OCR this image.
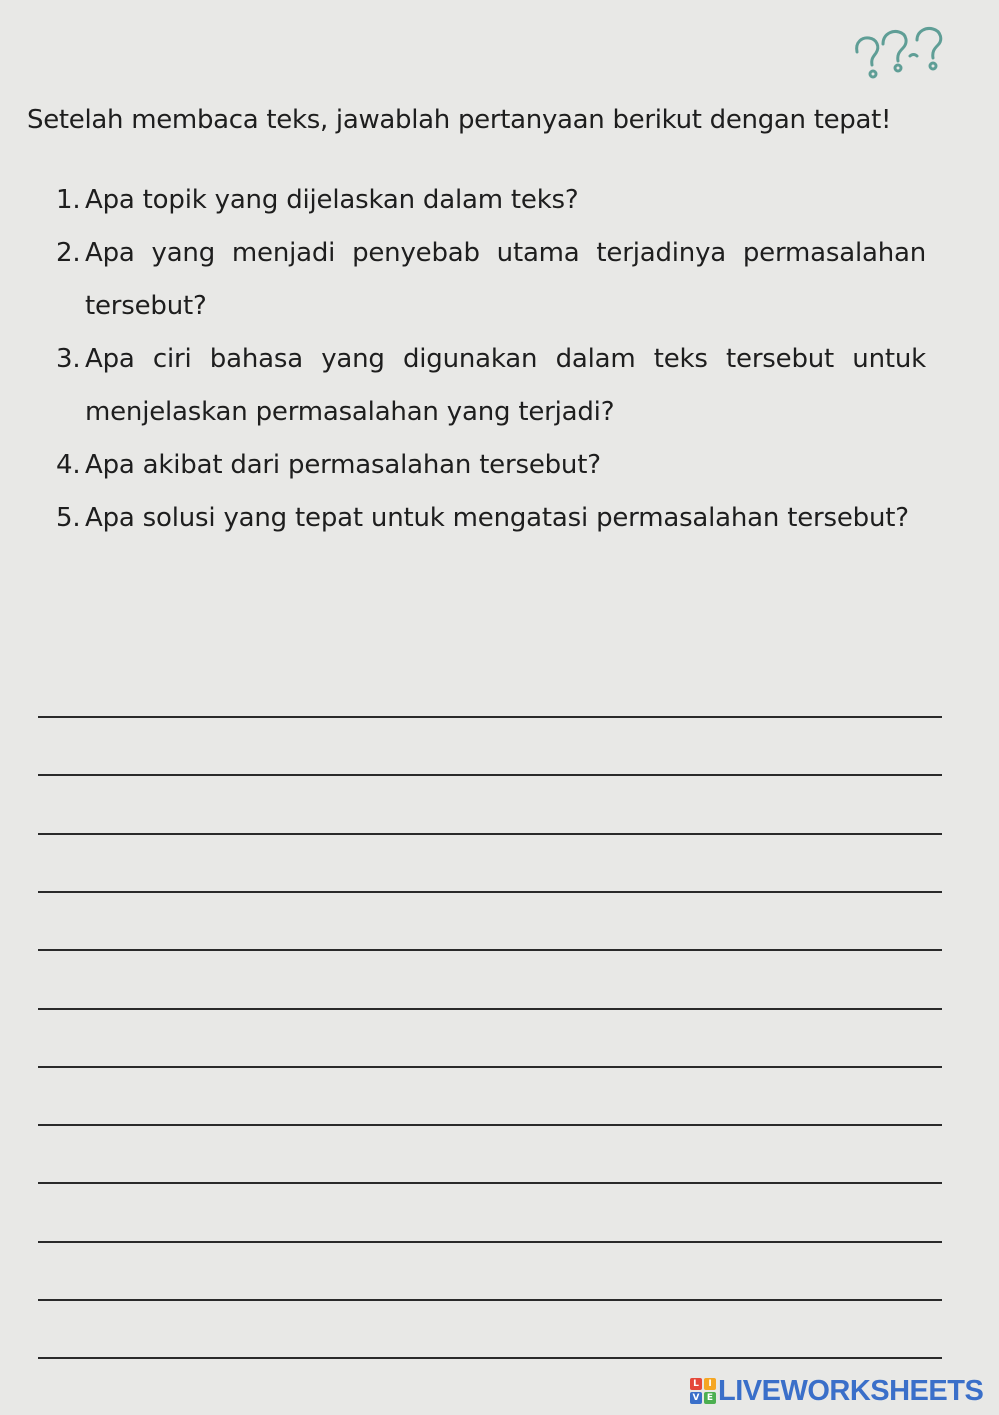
Setelah membaca teks, jawablah pertanyaan berikut dengan tepat!
1. Apa topik yang dijelaskan dalam teks?
2. Apa yang menjadi penyebab utama terjadinya permasalahan tersebut?
3. Apa ciri bahasa yang digunakan dalam teks tersebut untuk menjelaskan permasalahan yang terjadi?
4. Apa akibat dari permasalahan tersebut?
5. Apa solusi yang tepat untuk mengatasi permasalahan tersebut?
L	I
V E LIVEWORKSHEETS
